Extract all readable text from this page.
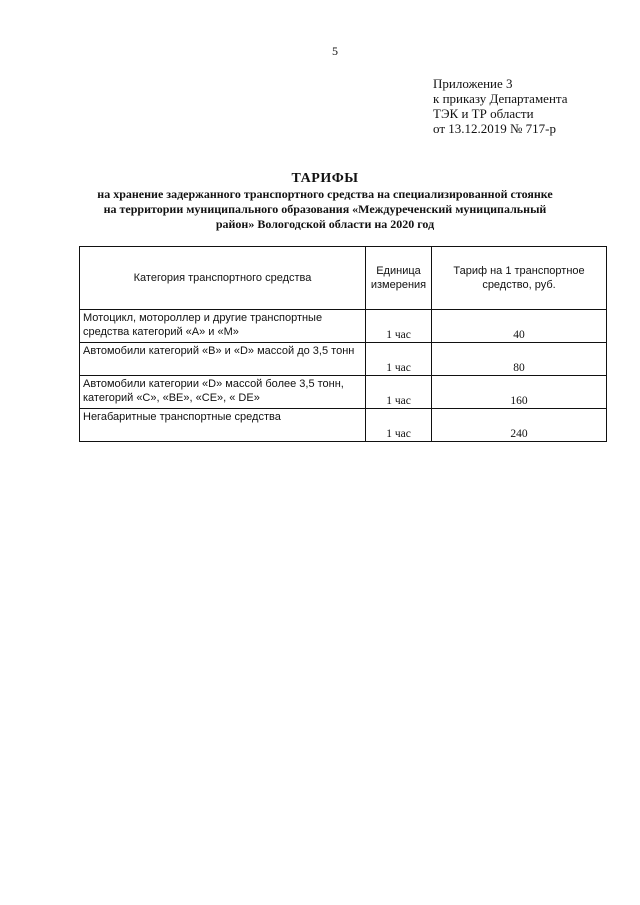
5
Приложение 3
к приказу Департамента
ТЭК и ТР области
от 13.12.2019 № 717-р
ТАРИФЫ
на хранение задержанного транспортного средства на специализированной стоянке
на территории муниципального образования «Междуреченский муниципальный
район» Вологодской области на 2020 год
Категория транспортного средства	Единица измерения	Тариф на 1 транспортное средство, руб.
Мотоцикл, мотороллер и другие транспортные средства категорий «А» и «М»	1 час	40
Автомобили категорий «В» и «D» массой до 3,5 тонн	1 час	80
Автомобили категории «D» массой более 3,5 тонн, категорий «С», «ВЕ», «СЕ», « DE»	1 час	160
Негабаритные транспортные средства	1 час	240
